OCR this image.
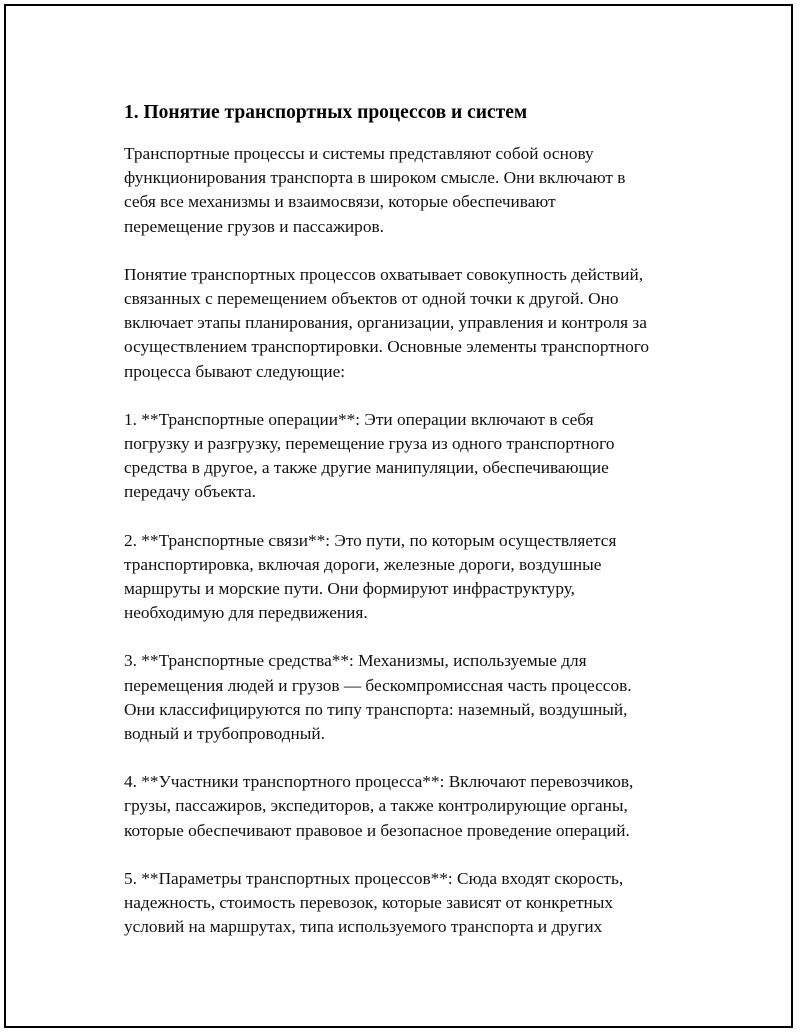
1. Понятие транспортных процессов и систем

Транспортные процессы и системы представляют собой основу
функционирования транспорта в широком смысле. Они включают в
себя все механизмы и взаимосвязи, которые обеспечивают
перемещение грузов и пассажиров.

Понятие транспортных процессов охватывает совокупность действий,
связанных с перемещением объектов от одной точки к другой. Оно
включает этапы планирования, организации, управления и контроля за
осуществлением транспортировки. Основные элементы транспортного
процесса бывают следующие:

1. **Транспортные операции**: Эти операции включают в себя
погрузку и разгрузку, перемещение груза из одного транспортного
средства в другое, а также другие манипуляции, обеспечивающие
передачу объекта.

2. **Транспортные связи**: Это пути, по которым осуществляется
транспортировка, включая дороги, железные дороги, воздушные
маршруты и морские пути. Они формируют инфраструктуру,
необходимую для передвижения.

3. **Транспортные средства**: Механизмы, используемые для
перемещения людей и грузов — бескомпромиссная часть процессов.
Они классифицируются по типу транспорта: наземный, воздушный,
водный и трубопроводный.

4. **Участники транспортного процесса**: Включают перевозчиков,
грузы, пассажиров, экспедиторов, а также контролирующие органы,
которые обеспечивают правовое и безопасное проведение операций.

5. **Параметры транспортных процессов**: Сюда входят скорость,
надежность, стоимость перевозок, которые зависят от конкретных
условий на маршрутах, типа используемого транспорта и других
